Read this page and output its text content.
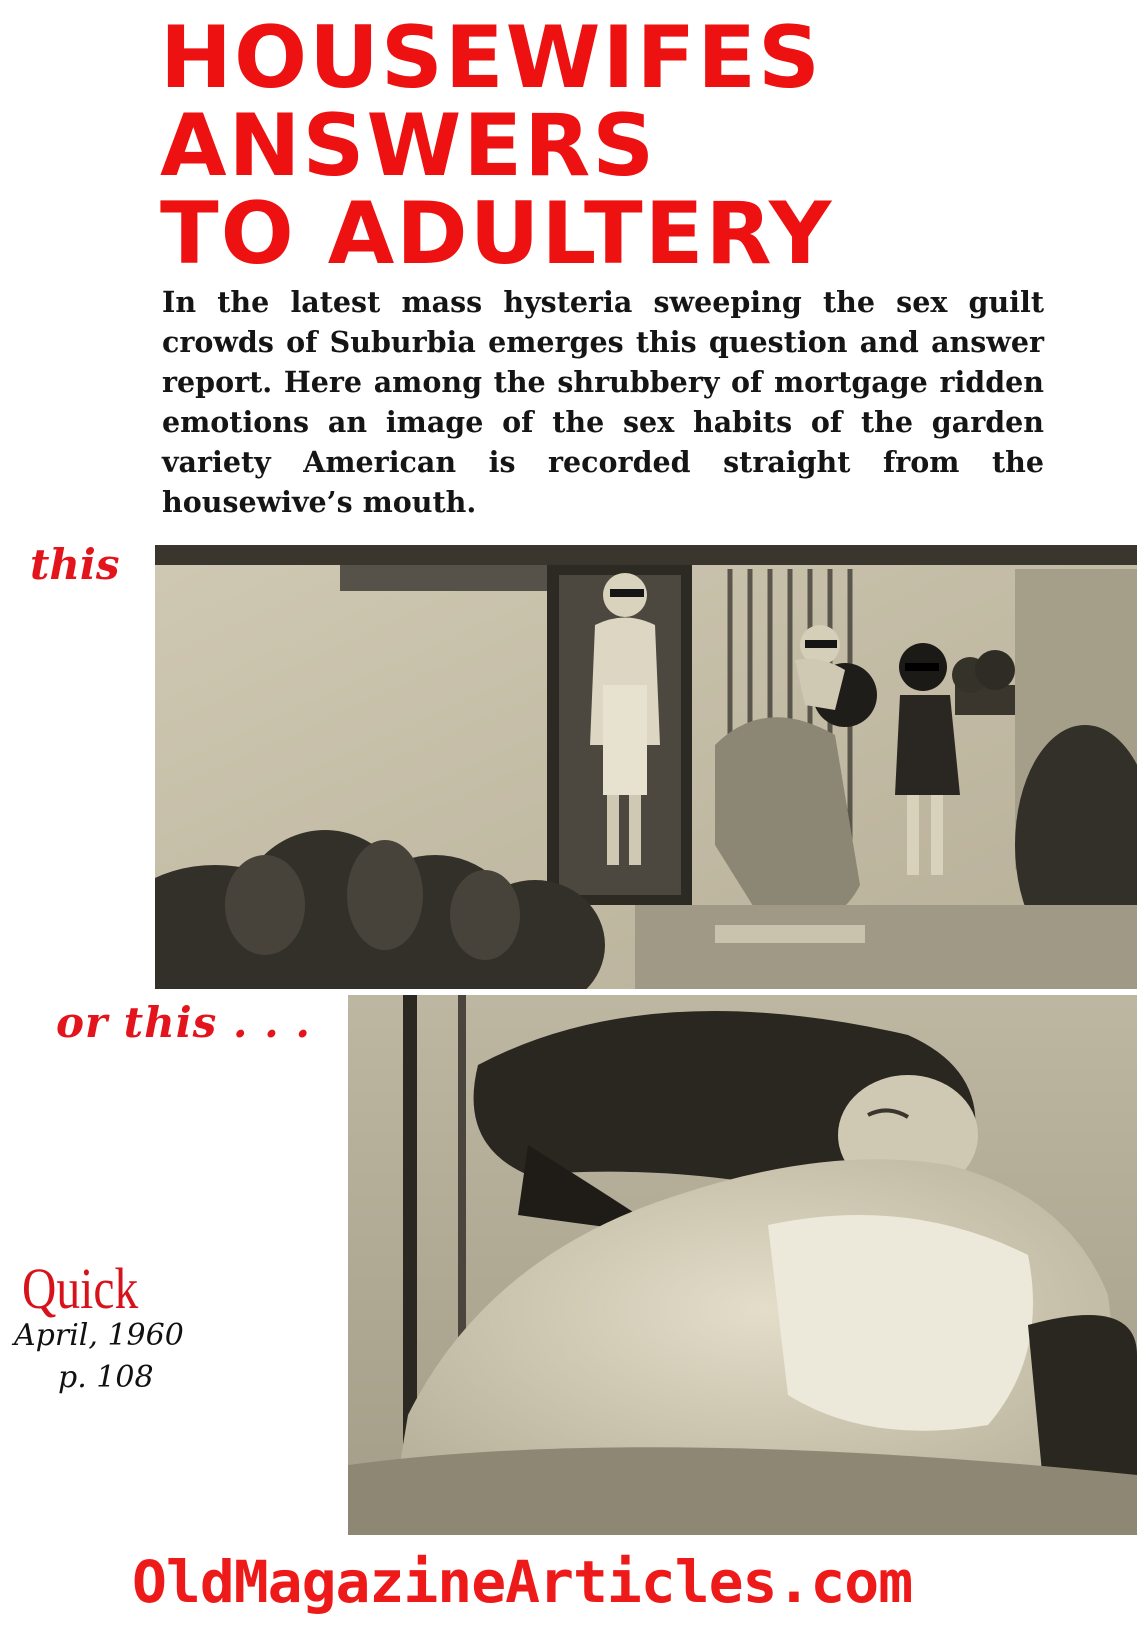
HOUSEWIFES
ANSWERS
TO ADULTERY

In the latest mass hysteria sweeping the sex guilt crowds of Suburbia emerges this question and answer report. Here among the shrubbery of mortgage ridden emotions an image of the sex habits of the garden variety American is recorded straight from the housewive’s mouth.

this

or this . . .

Quick

April, 1960

p. 108

OldMagazineArticles.com
